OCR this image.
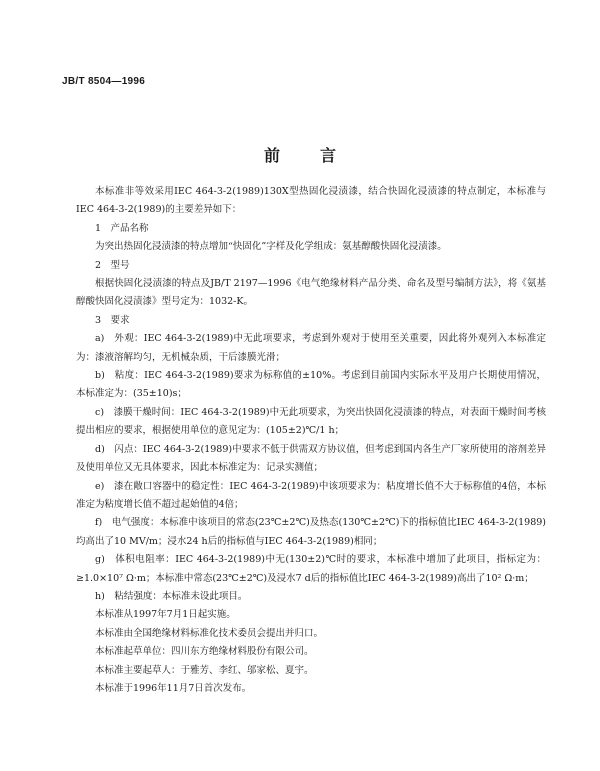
JB/T 8504—1996
前言

本标准非等效采用IEC 464-3-2(1989)130X型热固化浸渍漆，结合快固化浸渍漆的特点制定，本标准与IEC 464-3-2(1989)的主要差异如下：

1　产品名称

为突出热固化浸渍漆的特点增加“快固化”字样及化学组成：氨基醇酸快固化浸渍漆。

2　型号

根据快固化浸渍漆的特点及JB/T 2197—1996《电气绝缘材料产品分类、命名及型号编制方法》，将《氨基醇酸快固化浸渍漆》型号定为：1032-K。

3　要求

a)　外观：IEC 464-3-2(1989)中无此项要求，考虑到外观对于使用至关重要，因此将外观列入本标准定为：漆液溶解均匀，无机械杂质，干后漆膜光滑；

b)　粘度：IEC 464-3-2(1989)要求为标称值的±10%。考虑到目前国内实际水平及用户长期使用情况，本标准定为：(35±10)s；

c)　漆膜干燥时间：IEC 464-3-2(1989)中无此项要求，为突出快固化浸渍漆的特点，对表面干燥时间考核提出相应的要求，根据使用单位的意见定为：(105±2)℃/1 h；

d)　闪点：IEC 464-3-2(1989)中要求不低于供需双方协议值，但考虑到国内各生产厂家所使用的溶剂差异及使用单位又无具体要求，因此本标准定为：记录实测值；

e)　漆在敞口容器中的稳定性：IEC 464-3-2(1989)中该项要求为：粘度增长值不大于标称值的4倍，本标准定为粘度增长值不超过起始值的4倍；

f)　电气强度：本标准中该项目的常态(23℃±2℃)及热态(130℃±2℃)下的指标值比IEC 464-3-2(1989)均高出了10 MV/m；浸水24 h后的指标值与IEC 464-3-2(1989)相同；

g)　体积电阻率：IEC 464-3-2(1989)中无(130±2)℃时的要求，本标准中增加了此项目，指标定为：≥1.0×10⁷ Ω·m；本标准中常态(23℃±2℃)及浸水7 d后的指标值比IEC 464-3-2(1989)高出了10² Ω·m；

h)　粘结强度：本标准未设此项目。

本标准从1997年7月1日起实施。

本标准由全国绝缘材料标准化技术委员会提出并归口。

本标准起草单位：四川东方绝缘材料股份有限公司。

本标准主要起草人：于雅芳、李红、邬家松、夏宇。

本标准于1996年11月7日首次发布。
